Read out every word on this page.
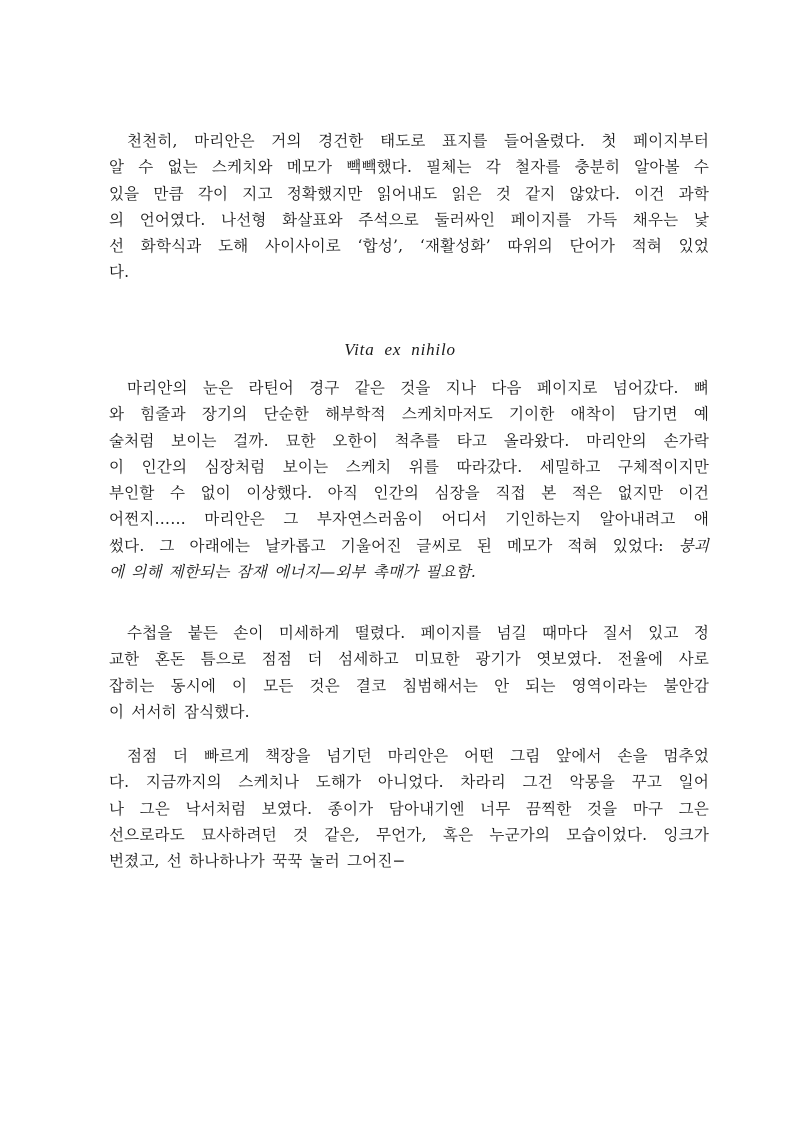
천천히, 마리안은 거의 경건한 태도로 표지를 들어올렸다. 첫 페이지부터
알 수 없는 스케치와 메모가 빽빽했다. 필체는 각 철자를 충분히 알아볼 수
있을 만큼 각이 지고 정확했지만 읽어내도 읽은 것 같지 않았다. 이건 과학
의 언어였다. 나선형 화살표와 주석으로 둘러싸인 페이지를 가득 채우는 낯
선 화학식과 도해 사이사이로 ‘합성’, ‘재활성화’ 따위의 단어가 적혀 있었
다.
Vita ex nihilo
마리안의 눈은 라틴어 경구 같은 것을 지나 다음 페이지로 넘어갔다. 뼈
와 힘줄과 장기의 단순한 해부학적 스케치마저도 기이한 애착이 담기면 예
술처럼 보이는 걸까. 묘한 오한이 척추를 타고 올라왔다. 마리안의 손가락
이 인간의 심장처럼 보이는 스케치 위를 따라갔다. 세밀하고 구체적이지만
부인할 수 없이 이상했다. 아직 인간의 심장을 직접 본 적은 없지만 이건
어쩐지…… 마리안은 그 부자연스러움이 어디서 기인하는지 알아내려고 애
썼다. 그 아래에는 날카롭고 기울어진 글씨로 된 메모가 적혀 있었다: 붕괴
에 의해 제한되는 잠재 에너지—외부 촉매가 필요함.
수첩을 붙든 손이 미세하게 떨렸다. 페이지를 넘길 때마다 질서 있고 정
교한 혼돈 틈으로 점점 더 섬세하고 미묘한 광기가 엿보였다. 전율에 사로
잡히는 동시에 이 모든 것은 결코 침범해서는 안 되는 영역이라는 불안감
이 서서히 잠식했다.
점점 더 빠르게 책장을 넘기던 마리안은 어떤 그림 앞에서 손을 멈추었
다. 지금까지의 스케치나 도해가 아니었다. 차라리 그건 악몽을 꾸고 일어
나 그은 낙서처럼 보였다. 종이가 담아내기엔 너무 끔찍한 것을 마구 그은
선으로라도 묘사하려던 것 같은, 무언가, 혹은 누군가의 모습이었다. 잉크가
번졌고, 선 하나하나가 꾹꾹 눌러 그어진−
